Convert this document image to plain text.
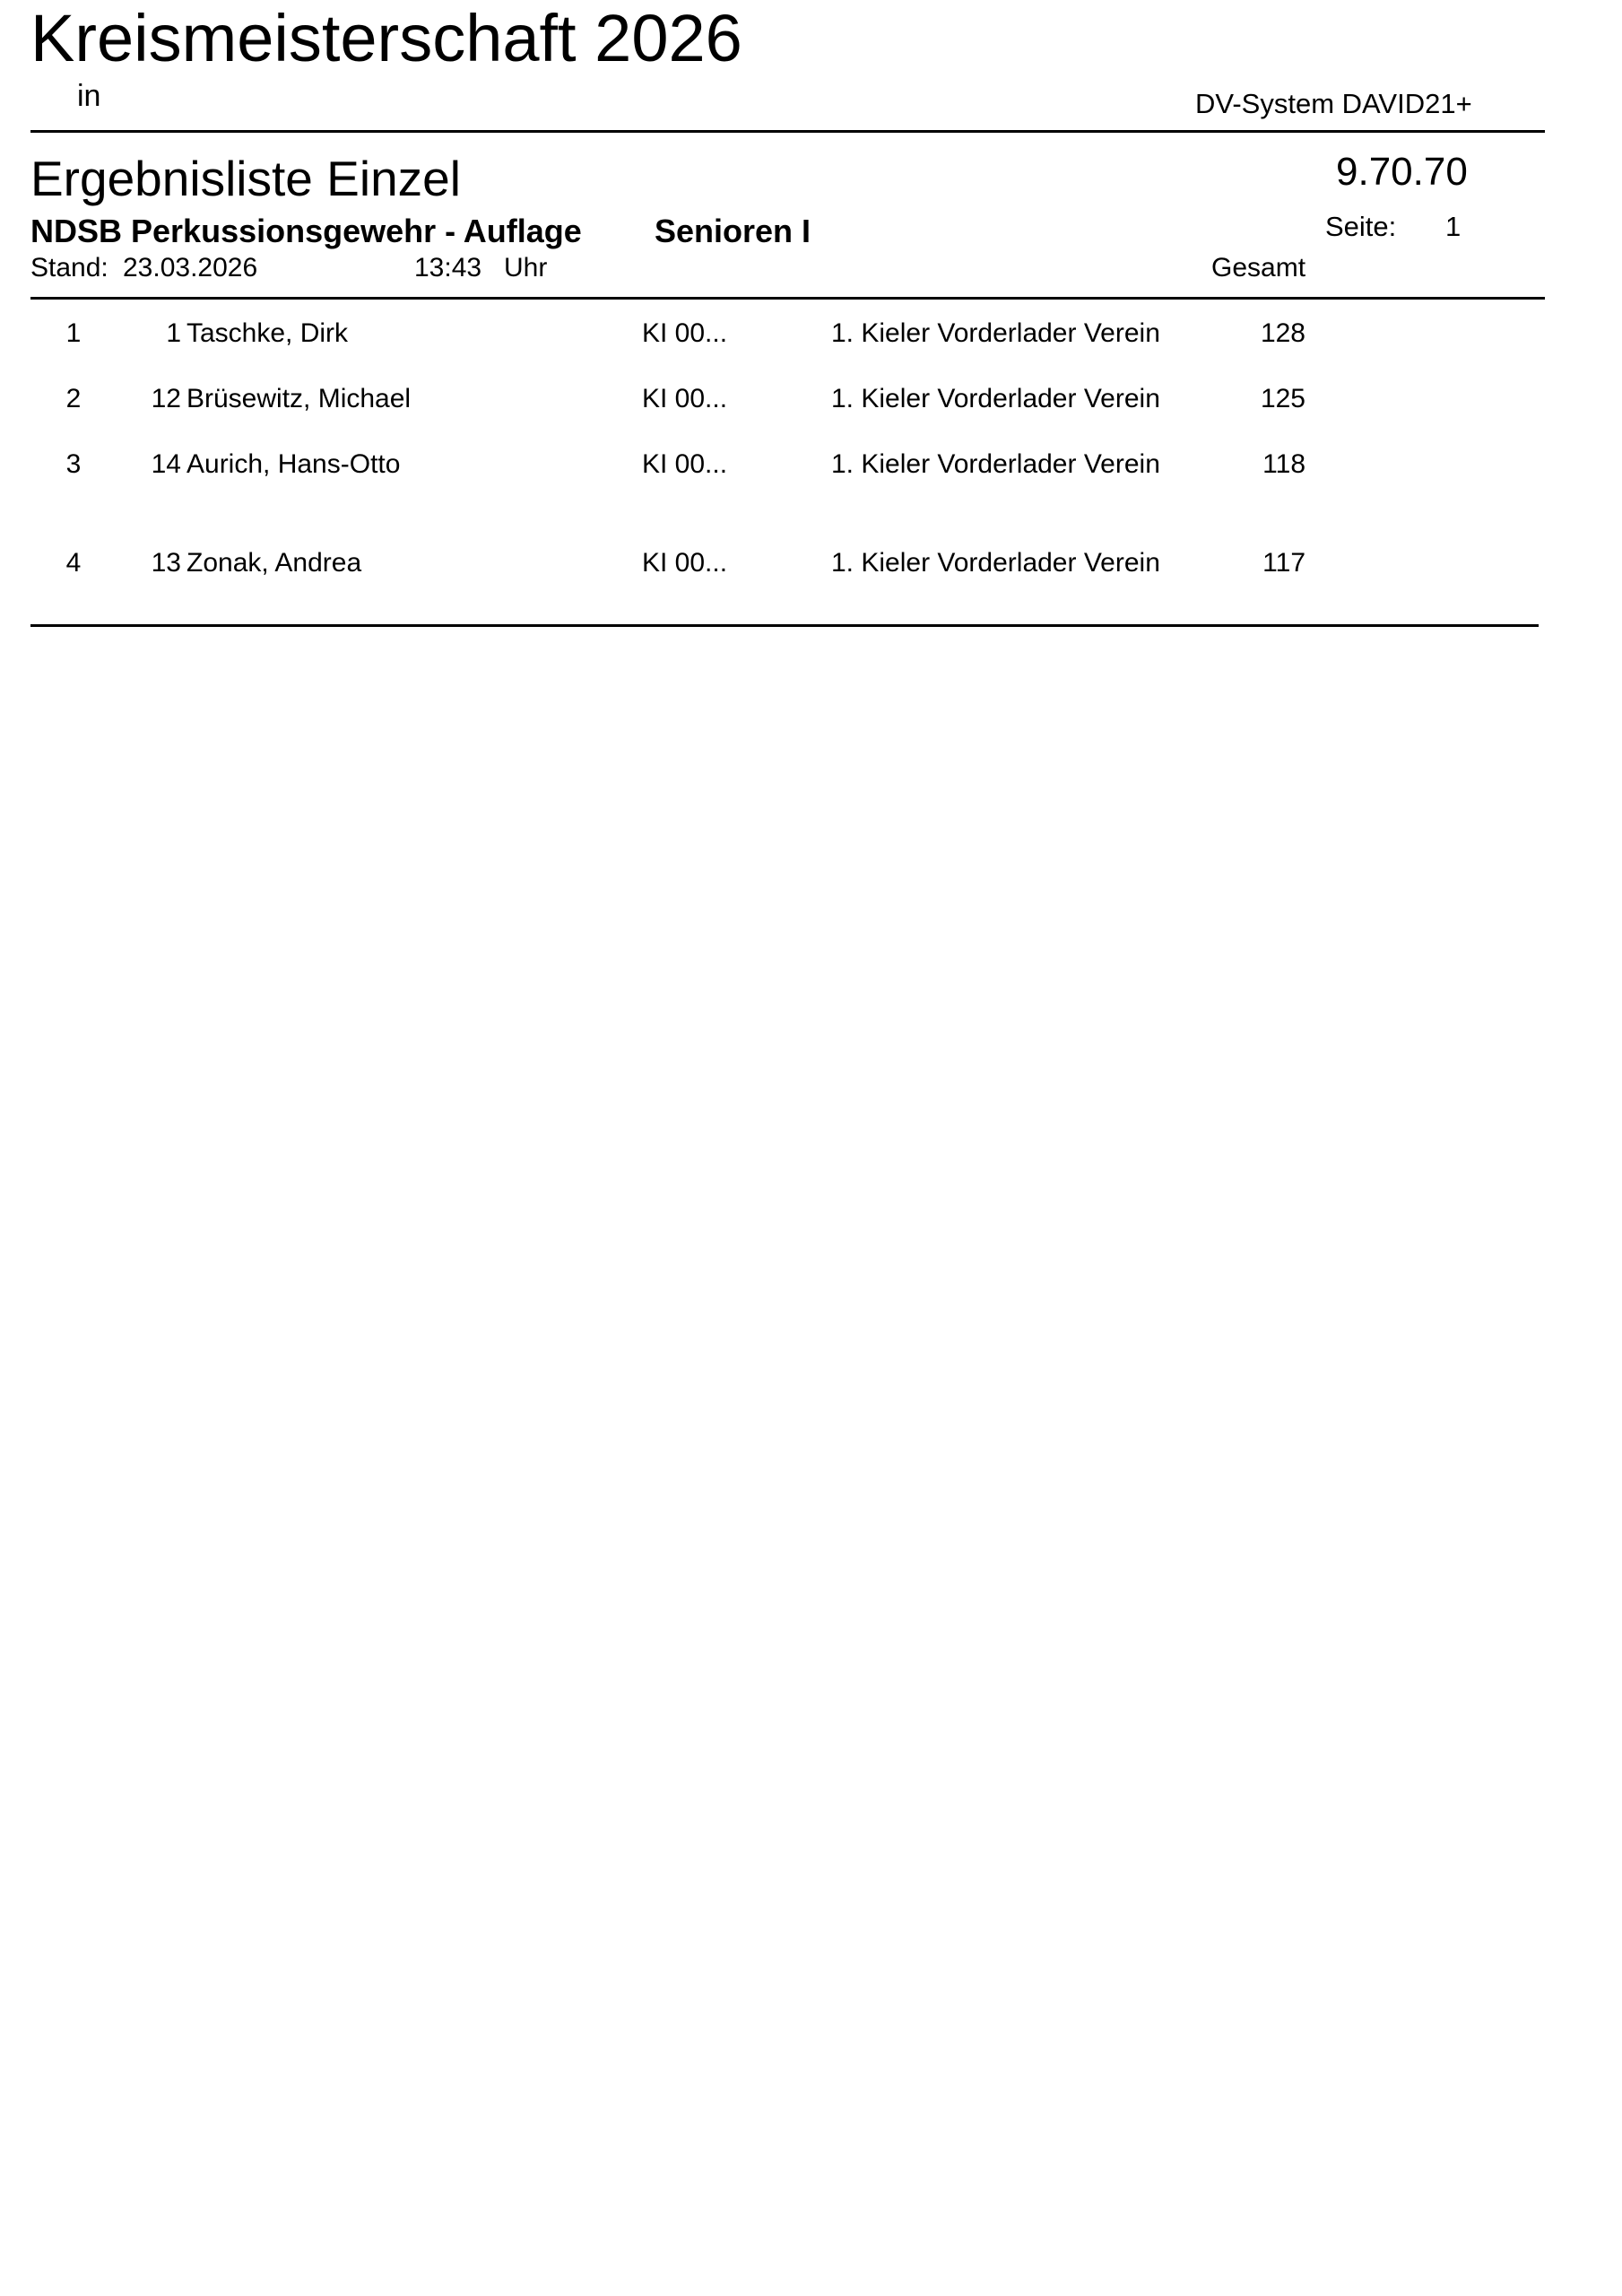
Kreismeisterschaft 2026
in	DV-System DAVID21+
Ergebnisliste Einzel	9.70.70
NDSB Perkussionsgewehr - Auflage Senioren I	Seite: 1
Stand: 23.03.2026	13:43 Uhr	Gesamt
1	1 Taschke, Dirk	KI 00...	1. Kieler Vorderlader Verein	128
2	12 Brüsewitz, Michael	KI 00...	1. Kieler Vorderlader Verein	125
3	14 Aurich, Hans-Otto	KI 00...	1. Kieler Vorderlader Verein	118
4	13 Zonak, Andrea	KI 00...	1. Kieler Vorderlader Verein	117
